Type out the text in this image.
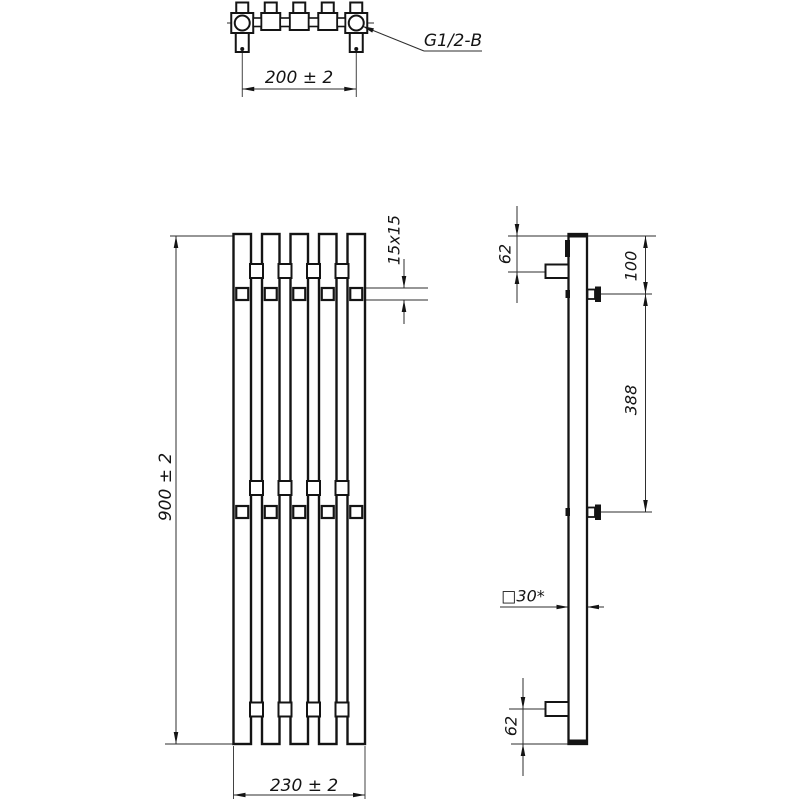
200 ± 2
G1/2-B
15x15
900 ± 2
230 ± 2
62	100
388
□30*
62
